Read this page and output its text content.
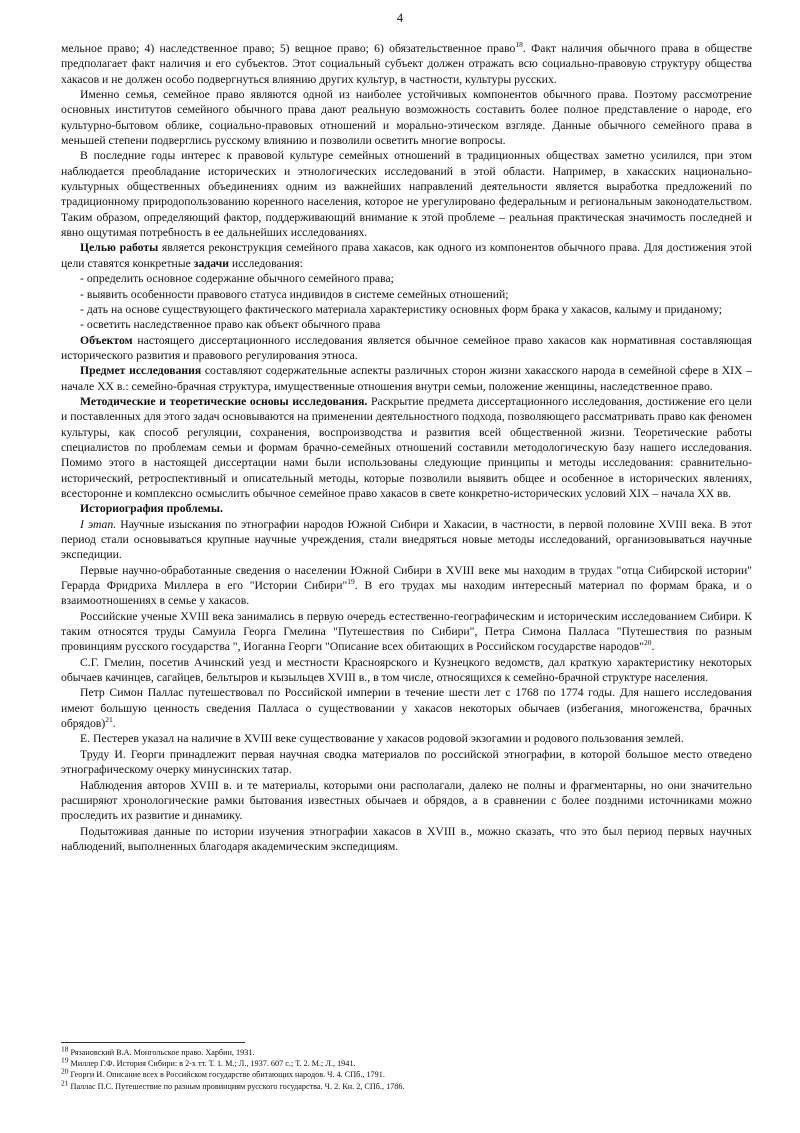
4

мельное право; 4) наследственное право; 5) вещное право; 6) обязательственное право$^{18}$. Факт наличия обычного права в обществе предполагает факт наличия и его субъектов. Этот социальный субъект должен отражать всю социально-правовую структуру общества хакасов и не должен особо подвергнуться влиянию других культур, в частности, культуры русских.

Именно семья, семейное право являются одной из наиболее устойчивых компонентов обычного права. Поэтому рассмотрение основных институтов семейного обычного права дают реальную возможность составить более полное представление о народе, его культурно-бытовом облике, социально-правовых отношений и морально-этическом взгляде. Данные обычного семейного права в меньшей степени подверглись русскому влиянию и позволили осветить многие вопросы.

В последние годы интерес к правовой культуре семейных отношений в традиционных обществах заметно усилился, при этом наблюдается преобладание исторических и этнологических исследований в этой области. Например, в хакасских национально-культурных общественных объединениях одним из важнейших направлений деятельности является выработка предложений по традиционному природопользованию коренного населения, которое не урегулировано федеральным и региональным законодательством. Таким образом, определяющий фактор, поддерживающий внимание к этой проблеме – реальная практическая значимость последней и явно ощутимая потребность в ее дальнейших исследованиях.

Целью работы является реконструкция семейного права хакасов, как одного из компонентов обычного права. Для достижения этой цели ставятся конкретные задачи исследования:

- определить основное содержание обычного семейного права;

- выявить особенности правового статуса индивидов в системе семейных отношений;

- дать на основе существующего фактического материала характеристику основных форм брака у хакасов, калыму и приданому;

- осветить наследственное право как объект обычного права

Объектом настоящего диссертационного исследования является обычное семейное право хакасов как нормативная составляющая исторического развития и правового регулирования этноса.

Предмет исследования составляют содержательные аспекты различных сторон жизни хакасского народа в семейной сфере в XIX – начале XX в.: семейно-брачная структура, имущественные отношения внутри семьи, положение женщины, наследственное право.

Методические и теоретические основы исследования. Раскрытие предмета диссертационного исследования, достижение его цели и поставленных для этого задач основываются на применении деятельностного подхода, позволяющего рассматривать право как феномен культуры, как способ регуляции, сохранения, воспроизводства и развития всей общественной жизни. Теоретические работы специалистов по проблемам семьи и формам брачно-семейных отношений составили методологическую базу нашего исследования. Помимо этого в настоящей диссертации нами были использованы следующие принципы и методы исследования: сравнительно-исторический, ретроспективный и описательный методы, которые позволили выявить общее и особенное в исторических явлениях, всесторонне и комплексно осмыслить обычное семейное право хакасов в свете конкретно-исторических условий XIX – начала XX вв.

Историография проблемы.

I этап. Научные изыскания по этнографии народов Южной Сибири и Хакасии, в частности, в первой половине XVIII века. В этот период стали основываться крупные научные учреждения, стали внедряться новые методы исследований, организовываться научные экспедиции.

Первые научно-обработанные сведения о населении Южной Сибири в XVIII веке мы находим в трудах "отца Сибирской истории" Герарда Фридриха Миллера в его "Истории Сибири"$^{19}$. В его трудах мы находим интересный материал по формам брака, и о взаимоотношениях в семье у хакасов.

Российские ученые XVIII века занимались в первую очередь естественно-географическим и историческим исследованием Сибири. К таким относятся труды Самуила Георга Гмелина "Путешествия по Сибири", Петра Симона Палласа "Путешествия по разным провинциям русского государства ", Иоганна Георги "Описание всех обитающих в Российском государстве народов"$^{20}$.

С.Г. Гмелин, посетив Ачинский уезд и местности Красноярского и Кузнецкого ведомств, дал краткую характеристику некоторых обычаев качинцев, сагайцев, бельтыров и кызыльцев XVIII в., в том числе, относящихся к семейно-брачной структуре населения.

Петр Симон Паллас путешествовал по Российской империи в течение шести лет с 1768 по 1774 годы. Для нашего исследования имеют большую ценность сведения Палласа о существовании у хакасов некоторых обычаев (избегания, многоженства, брачных обрядов)$^{21}$.

Е. Пестерев указал на наличие в XVIII веке существование у хакасов родовой экзогамии и родового пользования землей.

Труду И. Георги принадлежит первая научная сводка материалов по российской этнографии, в которой большое место отведено этнографическому очерку минусинских татар.

Наблюдения авторов XVIII в. и те материалы, которыми они располагали, далеко не полны и фрагментарны, но они значительно расширяют хронологические рамки бытования известных обычаев и обрядов, а в сравнении с более поздними источниками можно проследить их развитие и динамику.

Подытоживая данные по истории изучения этнографии хакасов в XVIII в., можно сказать, что это был период первых научных наблюдений, выполненных благодаря академическим экспедициям.

$^{18}$ Рязановский В.А. Монгольское право. Харбин, 1931.

$^{19}$ Миллер Г.Ф. История Сибири: в 2-х тт. Т. 1. М.; Л., 1937. 607 с.; Т. 2. М.; Л., 1941.

$^{20}$ Георги И. Описание всех в Российском государстве обитающих народов. Ч. 4. СПб., 1791.

$^{21}$ Паллас П.С. Путешествие по разным провинциям русского государства. Ч. 2. Кн. 2, СПб., 1786.
